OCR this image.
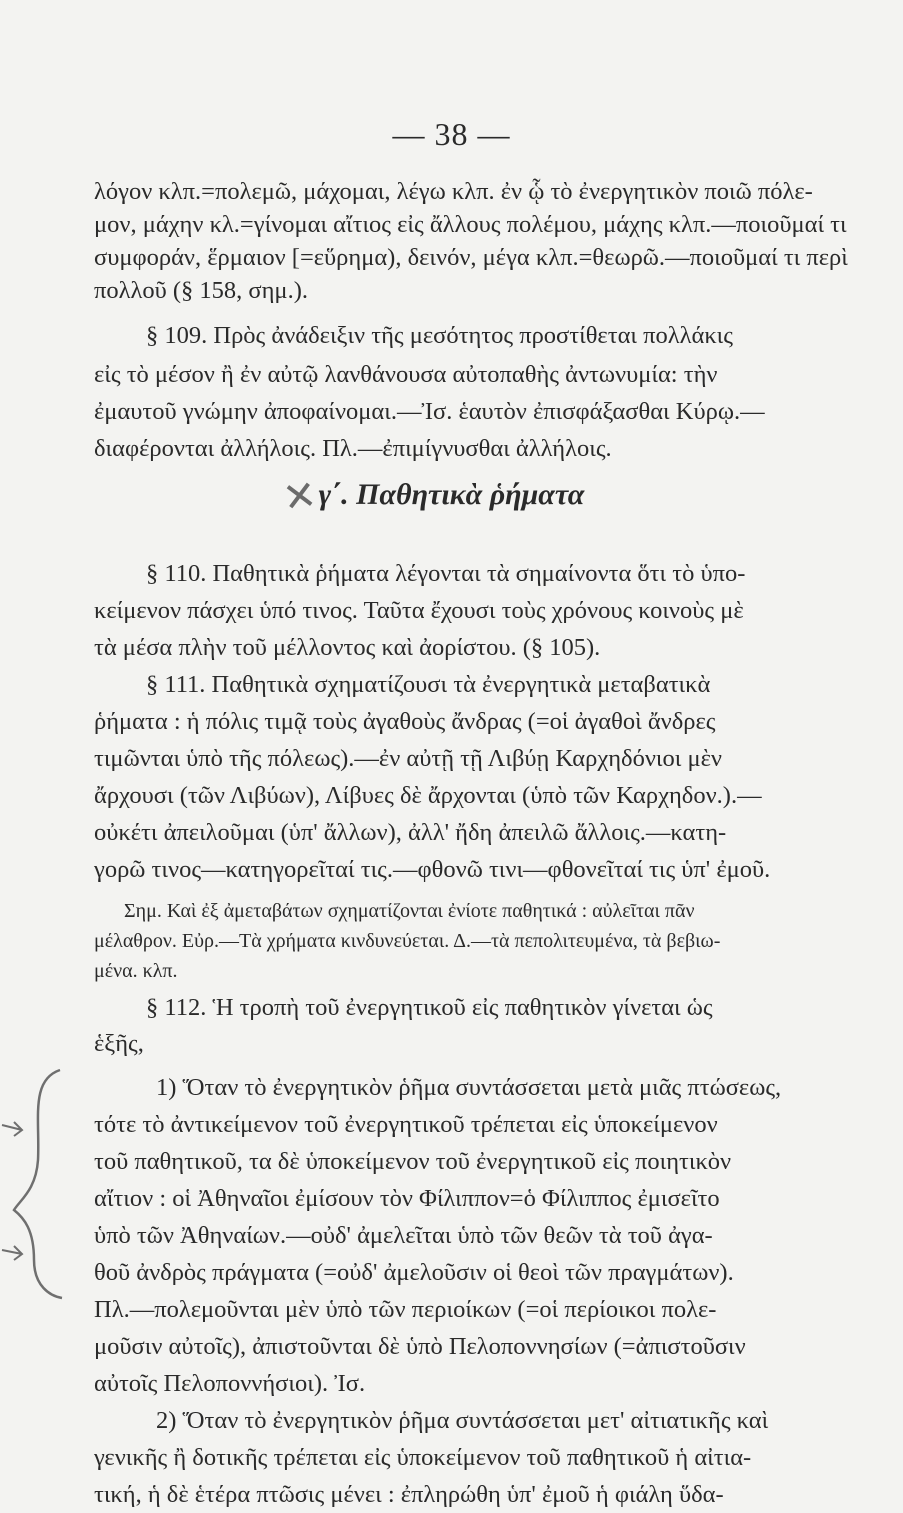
— 38 —
λόγον κλπ.=πολεμῶ, μάχομαι, λέγω κλπ. ἐν ᾧ τὸ ἐνεργητικὸν ποιῶ πόλε-
μον, μάχην κλ.=γίνομαι αἴτιος εἰς ἄλλους πολέμου, μάχης κλπ.—ποιοῦμαί τι
συμφοράν, ἕρμαιον [=εὕρημα), δεινόν, μέγα κλπ.=θεωρῶ.—ποιοῦμαί τι περὶ
πολλοῦ (§ 158, σημ.).
§ 109. Πρὸς ἀνάδειξιν τῆς μεσότητος προστίθεται πολλάκις
εἰς τὸ μέσον ἢ ἐν αὐτῷ λανθάνουσα αὐτοπαθὴς ἀντωνυμία: τὴν
ἐμαυτοῦ γνώμην ἀποφαίνομαι.—Ἰσ. ἑαυτὸν ἐπισφάξασθαι Κύρῳ.—
διαφέρονται ἀλλήλοις. Πλ.—ἐπιμίγνυσθαι ἀλλήλοις.
✕ γ΄. Παθητικὰ ῥήματα
§ 110. Παθητικὰ ῥήματα λέγονται τὰ σημαίνοντα ὅτι τὸ ὑπο-
κείμενον πάσχει ὑπό τινος. Ταῦτα ἔχουσι τοὺς χρόνους κοινοὺς μὲ
τὰ μέσα πλὴν τοῦ μέλλοντος καὶ ἀορίστου. (§ 105).
§ 111. Παθητικὰ σχηματίζουσι τὰ ἐνεργητικὰ μεταβατικὰ
ῥήματα : ἡ πόλις τιμᾷ τοὺς ἀγαθοὺς ἄνδρας (=οἱ ἀγαθοὶ ἄνδρες
τιμῶνται ὑπὸ τῆς πόλεως).—ἐν αὐτῇ τῇ Λιβύῃ Καρχηδόνιοι μὲν
ἄρχουσι (τῶν Λιβύων), Λίβυες δὲ ἄρχονται (ὑπὸ τῶν Καρχηδον.).—
οὐκέτι ἀπειλοῦμαι (ὑπ' ἄλλων), ἀλλ' ἤδη ἀπειλῶ ἄλλοις.—κατη-
γορῶ τινος—κατηγορεῖταί τις.—φθονῶ τινι—φθονεῖταί τις ὑπ' ἐμοῦ.
Σημ. Καὶ ἐξ ἀμεταβάτων σχηματίζονται ἐνίοτε παθητικά : αὐλεῖται πᾶν
μέλαθρον. Εὐρ.—Τὰ χρήματα κινδυνεύεται. Δ.—τὰ πεπολιτευμένα, τὰ βεβιω-
μένα. κλπ.
§ 112. Ἡ τροπὴ τοῦ ἐνεργητικοῦ εἰς παθητικὸν γίνεται ὡς
ἑξῆς,
1) Ὅταν τὸ ἐνεργητικὸν ῥῆμα συντάσσεται μετὰ μιᾶς πτώσεως,
τότε τὸ ἀντικείμενον τοῦ ἐνεργητικοῦ τρέπεται εἰς ὑποκείμενον
τοῦ παθητικοῦ, τα δὲ ὑποκείμενον τοῦ ἐνεργητικοῦ εἰς ποιητικὸν
αἴτιον : οἱ Ἀθηναῖοι ἐμίσουν τὸν Φίλιππον=ὁ Φίλιππος ἐμισεῖτο
ὑπὸ τῶν Ἀθηναίων.—οὐδ' ἀμελεῖται ὑπὸ τῶν θεῶν τὰ τοῦ ἀγα-
θοῦ ἀνδρὸς πράγματα (=οὐδ' ἀμελοῦσιν οἱ θεοὶ τῶν πραγμάτων).
Πλ.—πολεμοῦνται μὲν ὑπὸ τῶν περιοίκων (=οἱ περίοικοι πολε-
μοῦσιν αὐτοῖς), ἀπιστοῦνται δὲ ὑπὸ Πελοποννησίων (=ἀπιστοῦσιν
αὐτοῖς Πελοποννήσιοι). Ἰσ.
2) Ὅταν τὸ ἐνεργητικὸν ῥῆμα συντάσσεται μετ' αἰτιατικῆς καὶ
γενικῆς ἢ δοτικῆς τρέπεται εἰς ὑποκείμενον τοῦ παθητικοῦ ἡ αἰτια-
τική, ἡ δὲ ἑτέρα πτῶσις μένει : ἐπληρώθη ὑπ' ἐμοῦ ἡ φιάλη ὕδα-
